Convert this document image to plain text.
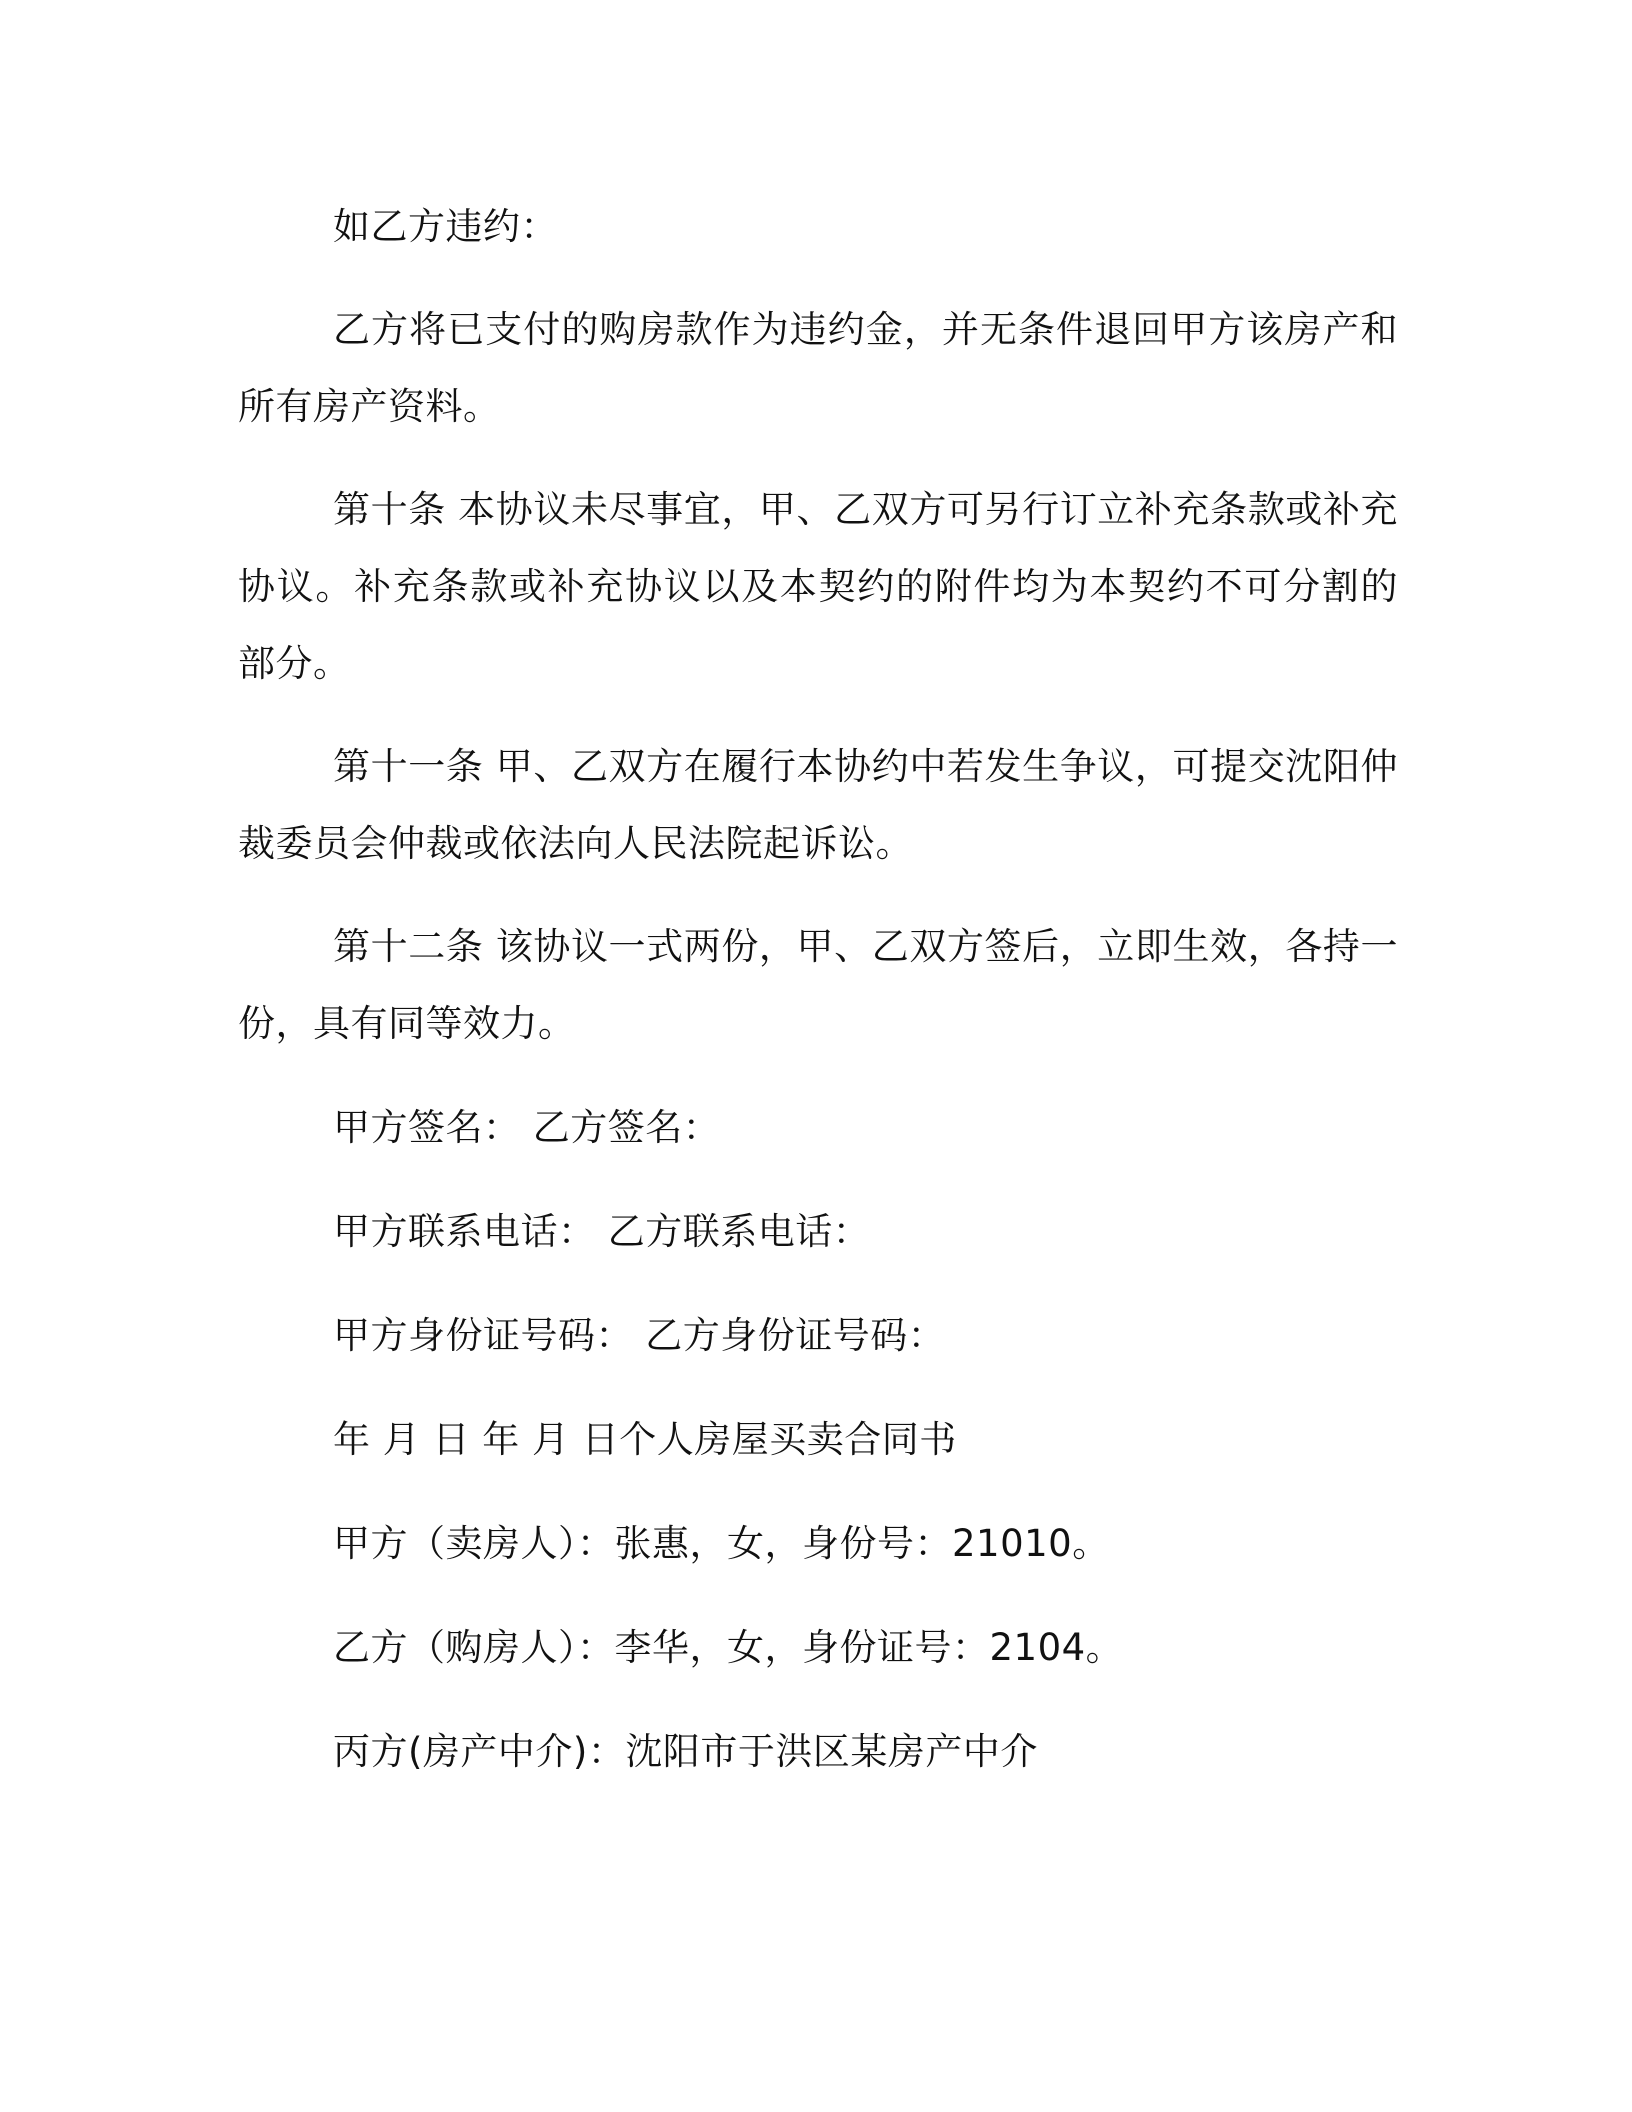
如乙方违约：

乙方将已支付的购房款作为违约金，并无条件退回甲方该房产和所有房产资料。

第十条 本协议未尽事宜，甲、乙双方可另行订立补充条款或补充协议。补充条款或补充协议以及本契约的附件均为本契约不可分割的部分。

第十一条 甲、乙双方在履行本协约中若发生争议，可提交沈阳仲裁委员会仲裁或依法向人民法院起诉讼。

第十二条 该协议一式两份，甲、乙双方签后，立即生效，各持一份，具有同等效力。

甲方签名： 乙方签名：

甲方联系电话： 乙方联系电话：

甲方身份证号码： 乙方身份证号码：

年 月 日 年 月 日个人房屋买卖合同书

甲方（卖房人）：张惠，女，身份号：21010。

乙方（购房人）：李华，女，身份证号：2104。

丙方(房产中介)：沈阳市于洪区某房产中介
